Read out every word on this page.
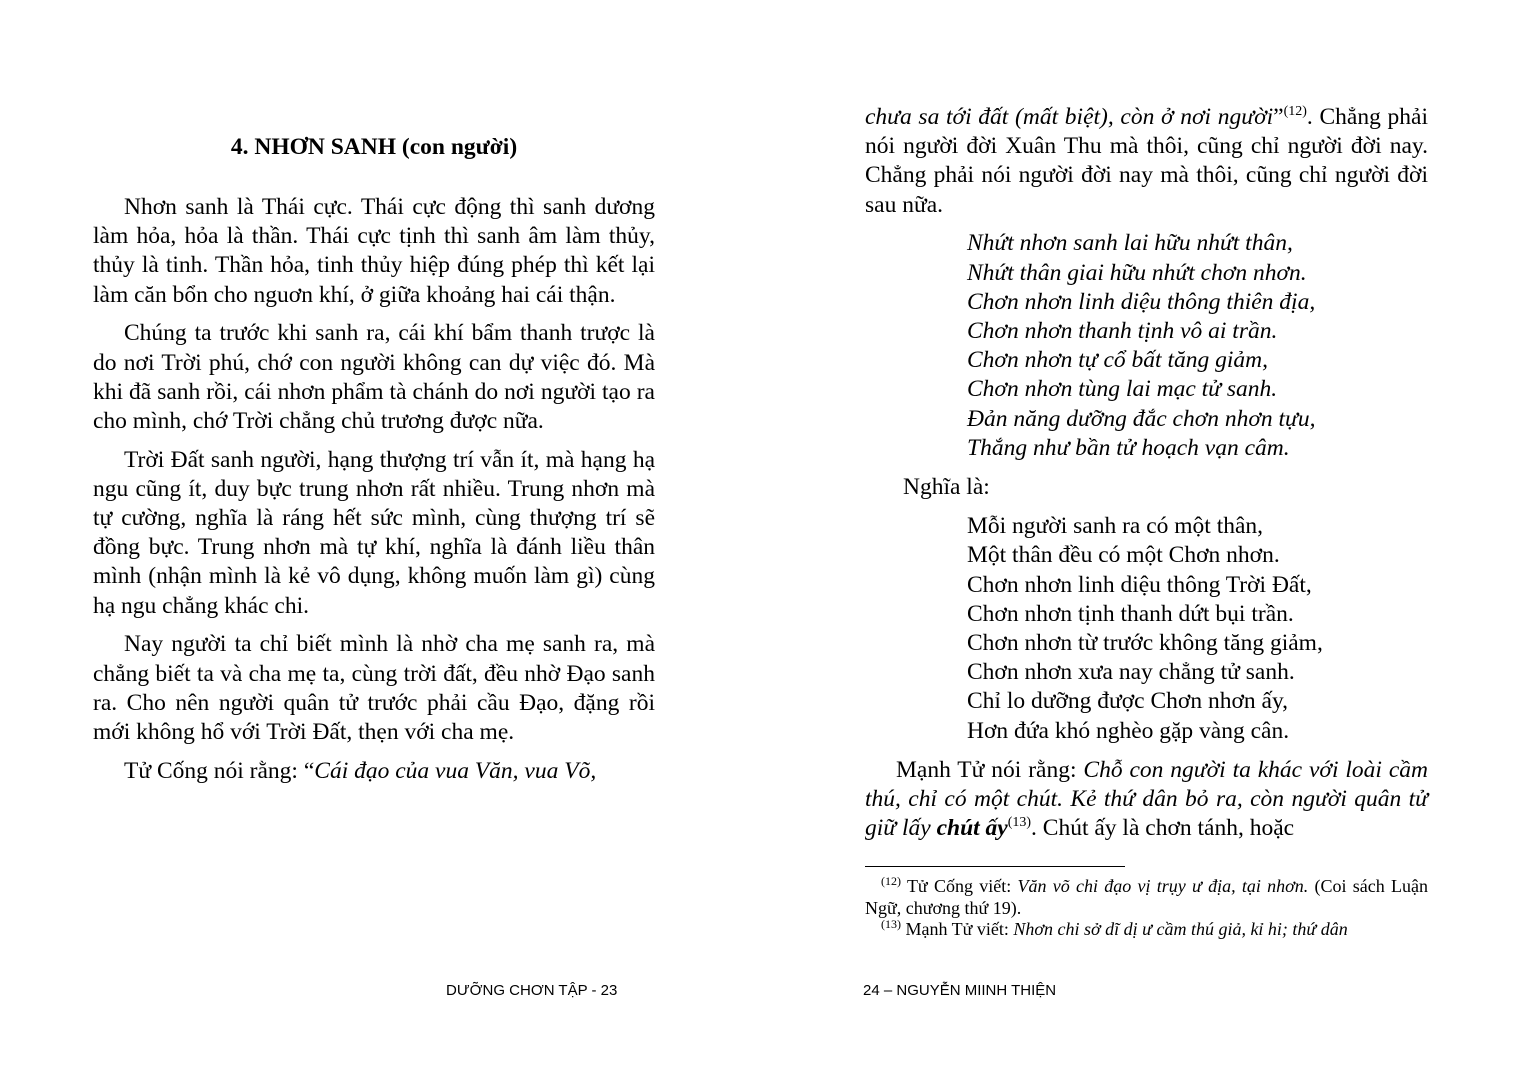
4. NHƠN SANH (con người)

Nhơn sanh là Thái cực. Thái cực động thì sanh dương làm hỏa, hỏa là thần. Thái cực tịnh thì sanh âm làm thủy, thủy là tinh. Thần hỏa, tinh thủy hiệp đúng phép thì kết lại làm căn bổn cho nguơn khí, ở giữa khoảng hai cái thận.

Chúng ta trước khi sanh ra, cái khí bẩm thanh trược là do nơi Trời phú, chớ con người không can dự việc đó. Mà khi đã sanh rồi, cái nhơn phẩm tà chánh do nơi người tạo ra cho mình, chớ Trời chẳng chủ trương được nữa.

Trời Đất sanh người, hạng thượng trí vẫn ít, mà hạng hạ ngu cũng ít, duy bực trung nhơn rất nhiều. Trung nhơn mà tự cường, nghĩa là ráng hết sức mình, cùng thượng trí sẽ đồng bực. Trung nhơn mà tự khí, nghĩa là đánh liều thân mình (nhận mình là kẻ vô dụng, không muốn làm gì) cùng hạ ngu chẳng khác chi.

Nay người ta chỉ biết mình là nhờ cha mẹ sanh ra, mà chẳng biết ta và cha mẹ ta, cùng trời đất, đều nhờ Đạo sanh ra. Cho nên người quân tử trước phải cầu Đạo, đặng rồi mới không hổ với Trời Đất, thẹn với cha mẹ.

Tử Cống nói rằng: “Cái đạo của vua Văn, vua Võ,

DƯỠNG CHƠN TẬP - 23

chưa sa tới đất (mất biệt), còn ở nơi người”$^{(12)}$. Chẳng phải nói người đời Xuân Thu mà thôi, cũng chỉ người đời nay. Chẳng phải nói người đời nay mà thôi, cũng chỉ người đời sau nữa.

Nhứt nhơn sanh lai hữu nhứt thân,
Nhứt thân giai hữu nhứt chơn nhơn.
Chơn nhơn linh diệu thông thiên địa,
Chơn nhơn thanh tịnh vô ai trần.
Chơn nhơn tự cổ bất tăng giảm,
Chơn nhơn tùng lai mạc tử sanh.
Đản năng dưỡng đắc chơn nhơn tựu,
Thắng như bần tử hoạch vạn câm.
Nghĩa là:
Mỗi người sanh ra có một thân,
Một thân đều có một Chơn nhơn.
Chơn nhơn linh diệu thông Trời Đất,
Chơn nhơn tịnh thanh dứt bụi trần.
Chơn nhơn từ trước không tăng giảm,
Chơn nhơn xưa nay chẳng tử sanh.
Chỉ lo dưỡng được Chơn nhơn ấy,
Hơn đứa khó nghèo gặp vàng cân.

Mạnh Tử nói rằng: Chỗ con người ta khác với loài cầm thú, chỉ có một chút. Kẻ thứ dân bỏ ra, còn người quân tử giữ lấy chút ấy$^{(13)}$. Chút ấy là chơn tánh, hoặc

$^{(12)}$ Tử Cống viết: Văn võ chi đạo vị trụy ư địa, tại nhơn. (Coi sách Luận Ngữ, chương thứ 19).

$^{(13)}$ Mạnh Tử viết: Nhơn chi sở dĩ dị ư cầm thú giả, kỉ hi; thứ dân

24 – NGUYỄN MIINH THIỆN
